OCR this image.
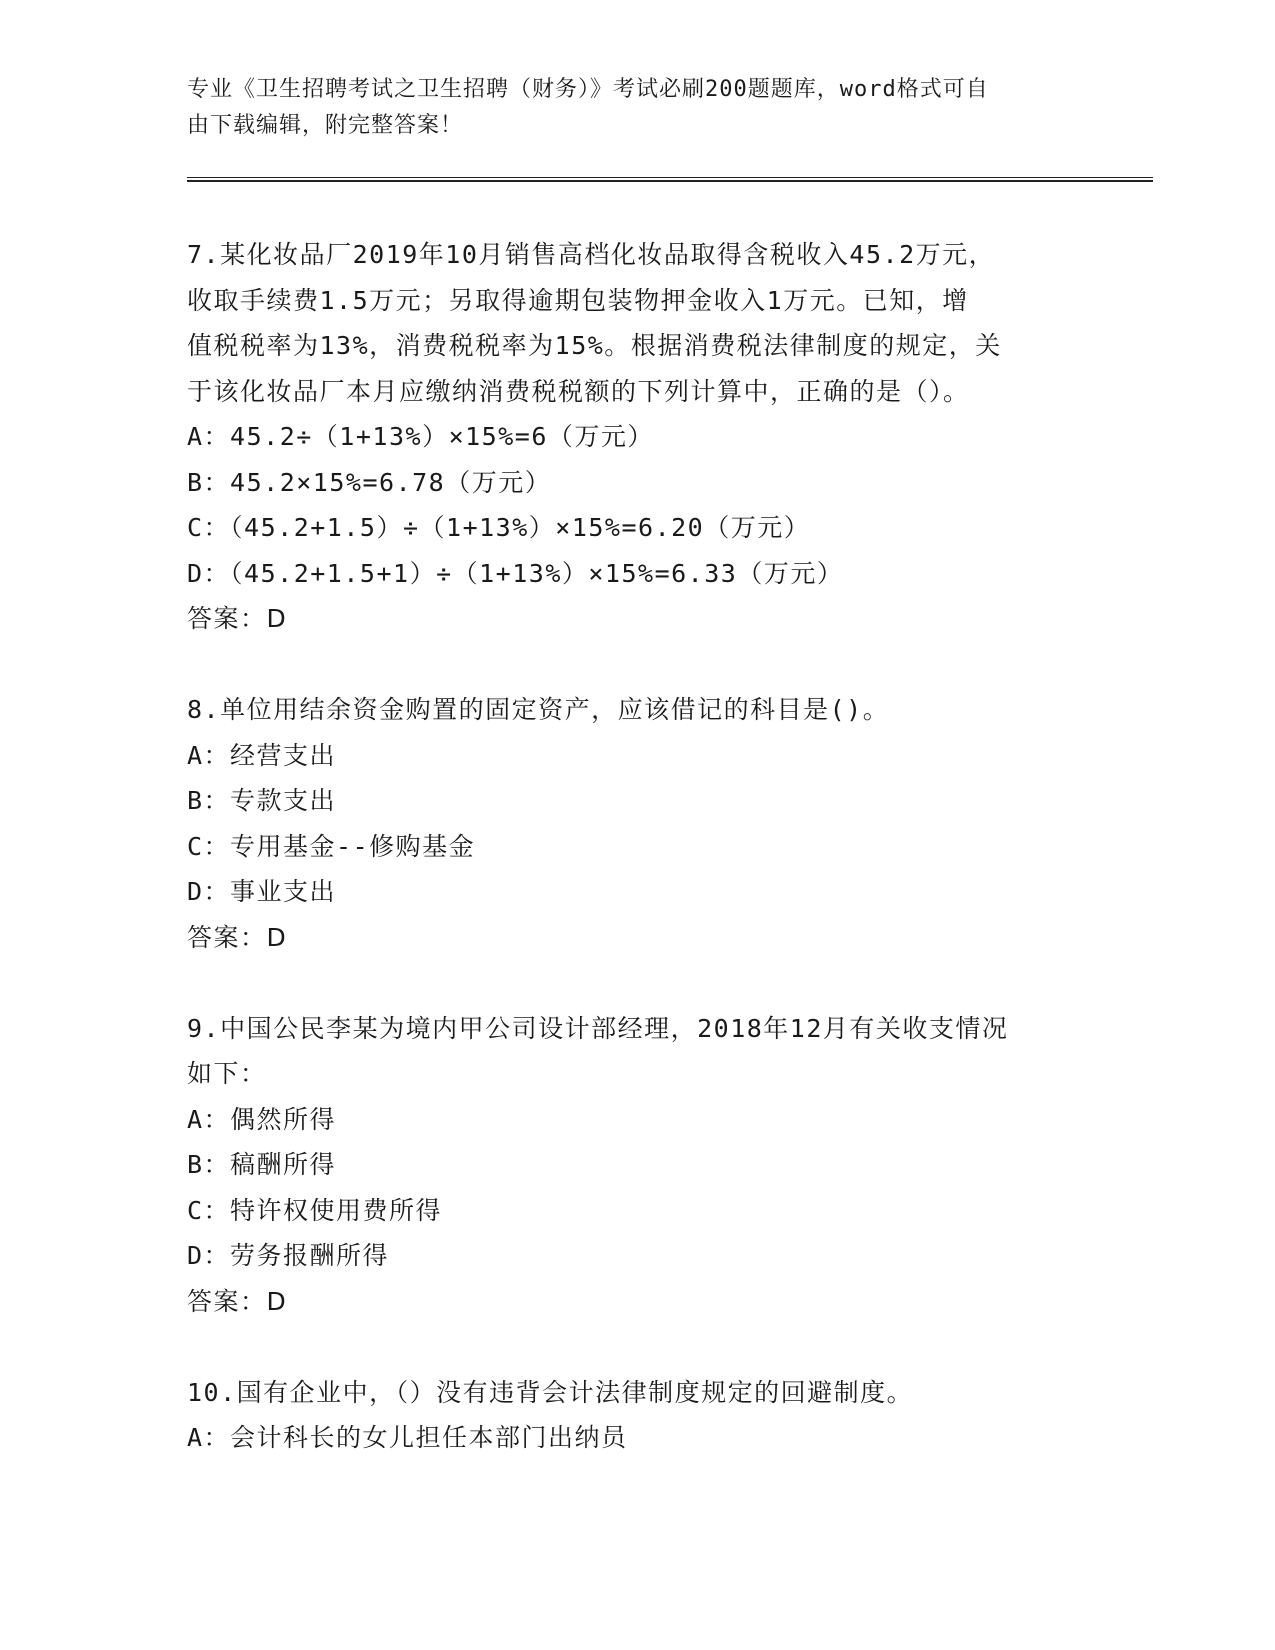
专业《卫生招聘考试之卫生招聘（财务）》考试必刷200题题库，word格式可自
由下载编辑，附完整答案！
7.某化妆品厂2019年10月销售高档化妆品取得含税收入45.2万元，
收取手续费1.5万元；另取得逾期包装物押金收入1万元。已知，增
值税税率为13%，消费税税率为15%。根据消费税法律制度的规定，关
于该化妆品厂本月应缴纳消费税税额的下列计算中，正确的是（）。
A：45.2÷（1+13%）×15%=6（万元）
B：45.2×15%=6.78（万元）
C：（45.2+1.5）÷（1+13%）×15%=6.20（万元）
D：（45.2+1.5+1）÷（1+13%）×15%=6.33（万元）
答案：D
8.单位用结余资金购置的固定资产，应该借记的科目是()。
A：经营支出
B：专款支出
C：专用基金--修购基金
D：事业支出
答案：D
9.中国公民李某为境内甲公司设计部经理，2018年12月有关收支情况
如下：
A：偶然所得
B：稿酬所得
C：特许权使用费所得
D：劳务报酬所得
答案：D
10.国有企业中，（）没有违背会计法律制度规定的回避制度。
A：会计科长的女儿担任本部门出纳员
